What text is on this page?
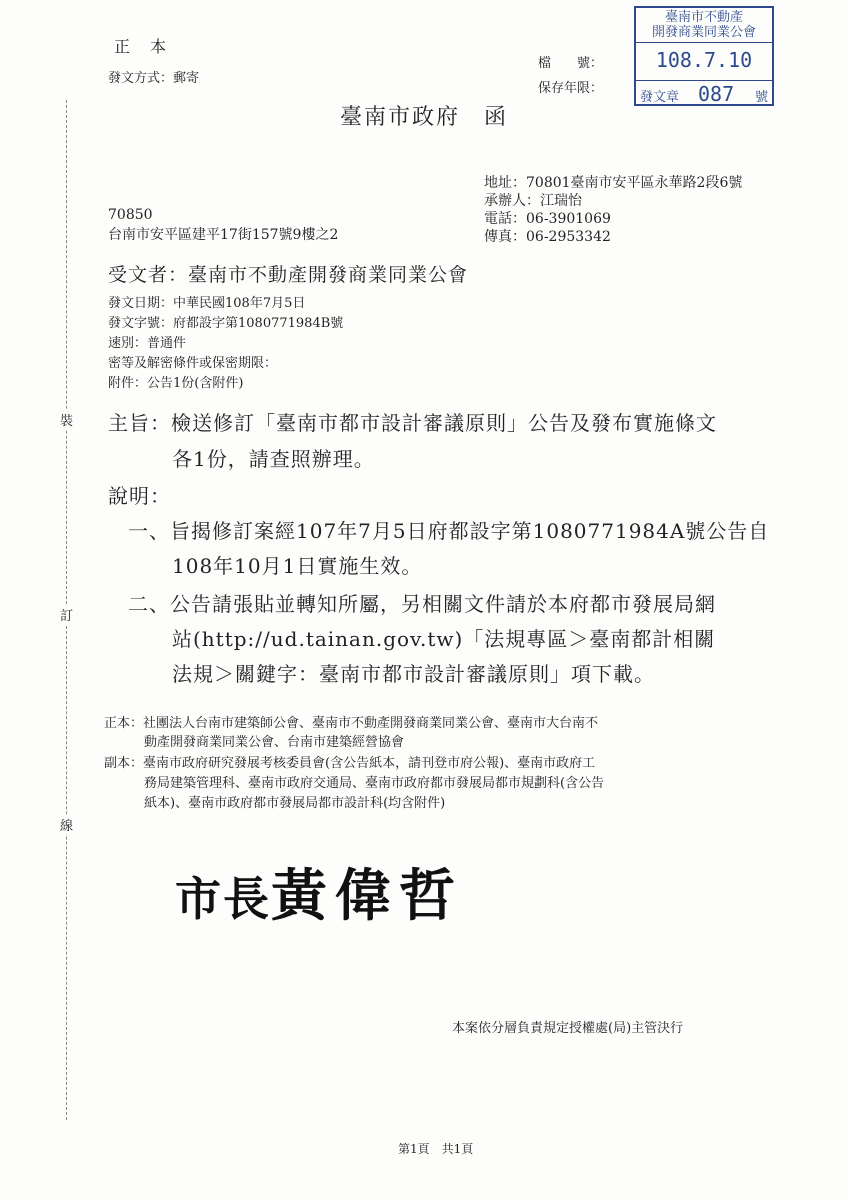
裝
訂
線
正　本
發文方式：郵寄
檔　　號：
保存年限：
臺南市政府　函
臺南市不動產
開發商業同業公會
108.7.10
發文章 087 號
地址：70801臺南市安平區永華路2段6號
承辦人：江瑞怡
電話：06-3901069
傳真：06-2953342
70850
台南市安平區建平17街157號9樓之2
受文者：臺南市不動產開發商業同業公會
發文日期：中華民國108年7月5日
發文字號：府都設字第1080771984B號
速別：普通件
密等及解密條件或保密期限：
附件：公告1份(含附件)
主旨：檢送修訂「臺南市都市設計審議原則」公告及發布實施條文
各1份，請查照辦理。
說明：
一、旨揭修訂案經107年7月5日府都設字第1080771984A號公告自
108年10月1日實施生效。
二、公告請張貼並轉知所屬，另相關文件請於本府都市發展局網
站(http://ud.tainan.gov.tw)「法規專區＞臺南都計相關
法規＞關鍵字：臺南市都市設計審議原則」項下載。
正本：社團法人台南市建築師公會、臺南市不動產開發商業同業公會、臺南市大台南不
動產開發商業同業公會、台南市建築經營協會
副本：臺南市政府研究發展考核委員會(含公告紙本，請刊登市府公報)、臺南市政府工
務局建築管理科、臺南市政府交通局、臺南市政府都市發展局都市規劃科(含公告
紙本)、臺南市政府都市發展局都市設計科(均含附件)
市長黃偉哲
本案依分層負責規定授權處(局)主管決行
第1頁　共1頁
